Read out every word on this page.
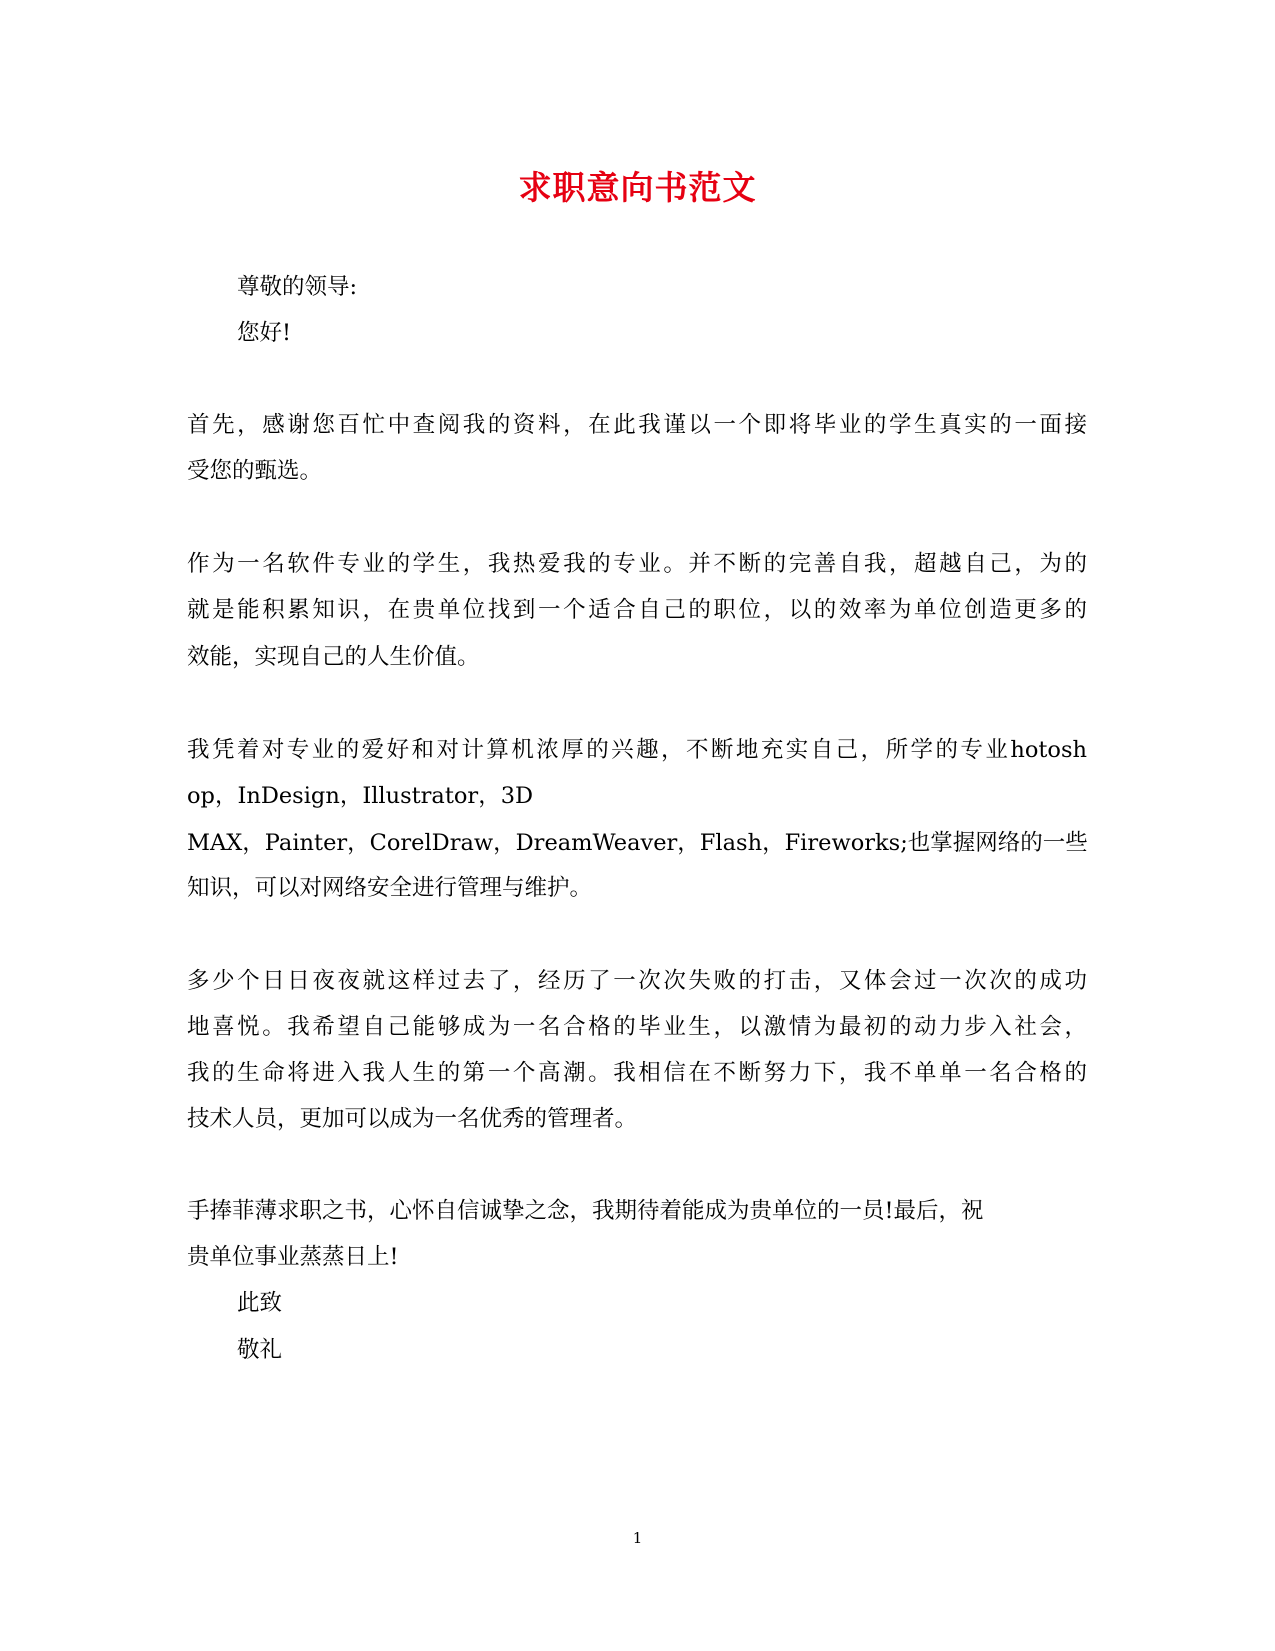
求职意向书范文
尊敬的领导:
您好!
首先，感谢您百忙中查阅我的资料，在此我谨以一个即将毕业的学生真实的一面接
受您的甄选。
作为一名软件专业的学生，我热爱我的专业。并不断的完善自我，超越自己，为的
就是能积累知识，在贵单位找到一个适合自己的职位，以的效率为单位创造更多的
效能，实现自己的人生价值。
我凭着对专业的爱好和对计算机浓厚的兴趣，不断地充实自己，所学的专业hotosh
op，InDesign，Illustrator，3D
MAX，Painter，CorelDraw，DreamWeaver，Flash，Fireworks;也掌握网络的一些
知识，可以对网络安全进行管理与维护。
多少个日日夜夜就这样过去了，经历了一次次失败的打击，又体会过一次次的成功
地喜悦。我希望自己能够成为一名合格的毕业生，以激情为最初的动力步入社会，
我的生命将进入我人生的第一个高潮。我相信在不断努力下，我不单单一名合格的
技术人员，更加可以成为一名优秀的管理者。
手捧菲薄求职之书，心怀自信诚挚之念，我期待着能成为贵单位的一员!最后，祝
贵单位事业蒸蒸日上!
此致
敬礼
1
